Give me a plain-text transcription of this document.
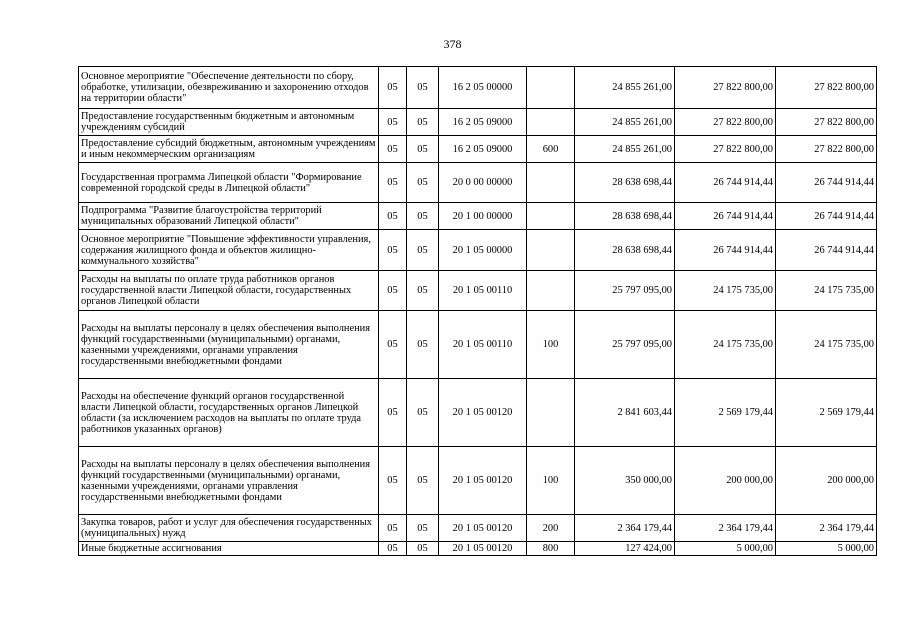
378
Основное мероприятие "Обеспечение деятельности по сбору, обработке, утилизации, обезвреживанию и захоронению отходов на территории области"	05	05	16 2 05 00000		24 855 261,00	27 822 800,00	27 822 800,00
Предоставление государственным бюджетным и автономным учреждениям субсидий	05	05	16 2 05 09000		24 855 261,00	27 822 800,00	27 822 800,00
Предоставление субсидий бюджетным, автономным учреждениям и иным некоммерческим организациям	05	05	16 2 05 09000	600	24 855 261,00	27 822 800,00	27 822 800,00
Государственная программа Липецкой области "Формирование современной городской среды в Липецкой области"	05	05	20 0 00 00000		28 638 698,44	26 744 914,44	26 744 914,44
Подпрограмма "Развитие благоустройства территорий муниципальных образований Липецкой области"	05	05	20 1 00 00000		28 638 698,44	26 744 914,44	26 744 914,44
Основное мероприятие "Повышение эффективности управления, содержания жилищного фонда и объектов жилищно-коммунального хозяйства"	05	05	20 1 05 00000		28 638 698,44	26 744 914,44	26 744 914,44
Расходы на выплаты по оплате труда работников органов государственной власти Липецкой области, государственных органов Липецкой области	05	05	20 1 05 00110		25 797 095,00	24 175 735,00	24 175 735,00
Расходы на выплаты персоналу в целях обеспечения выполнения функций государственными (муниципальными) органами, казенными учреждениями, органами управления государственными внебюджетными фондами	05	05	20 1 05 00110	100	25 797 095,00	24 175 735,00	24 175 735,00
Расходы на обеспечение функций органов государственной власти Липецкой области, государственных органов Липецкой области (за исключением расходов на выплаты по оплате труда работников указанных органов)	05	05	20 1 05 00120		2 841 603,44	2 569 179,44	2 569 179,44
Расходы на выплаты персоналу в целях обеспечения выполнения функций государственными (муниципальными) органами, казенными учреждениями, органами управления государственными внебюджетными фондами	05	05	20 1 05 00120	100	350 000,00	200 000,00	200 000,00
Закупка товаров, работ и услуг для обеспечения государственных (муниципальных) нужд	05	05	20 1 05 00120	200	2 364 179,44	2 364 179,44	2 364 179,44
Иные бюджетные ассигнования	05	05	20 1 05 00120	800	127 424,00	5 000,00	5 000,00
